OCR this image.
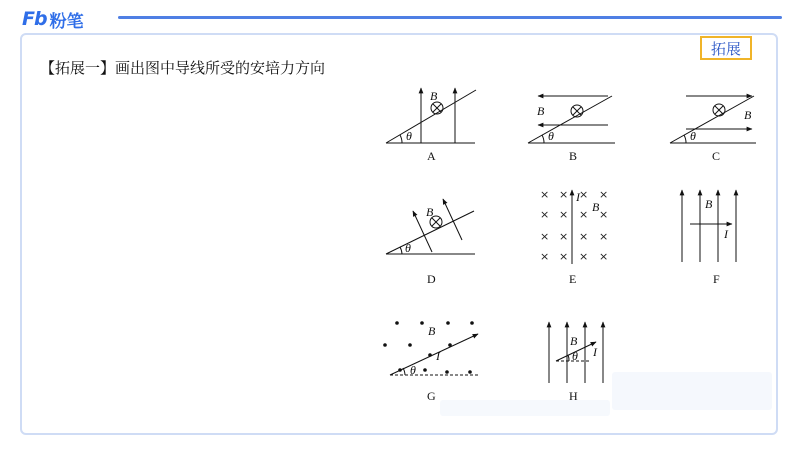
Fb 粉笔
拓展
【拓展一】画出图中导线所受的安培力方向
B
θ
A
B
θ
B
B
θ
C
B
θ
D
× × × ×
× × × ×
× × × ×
× × × ×
I
B
E
B
I
F
B
I
θ
G
B
I
θ
H
